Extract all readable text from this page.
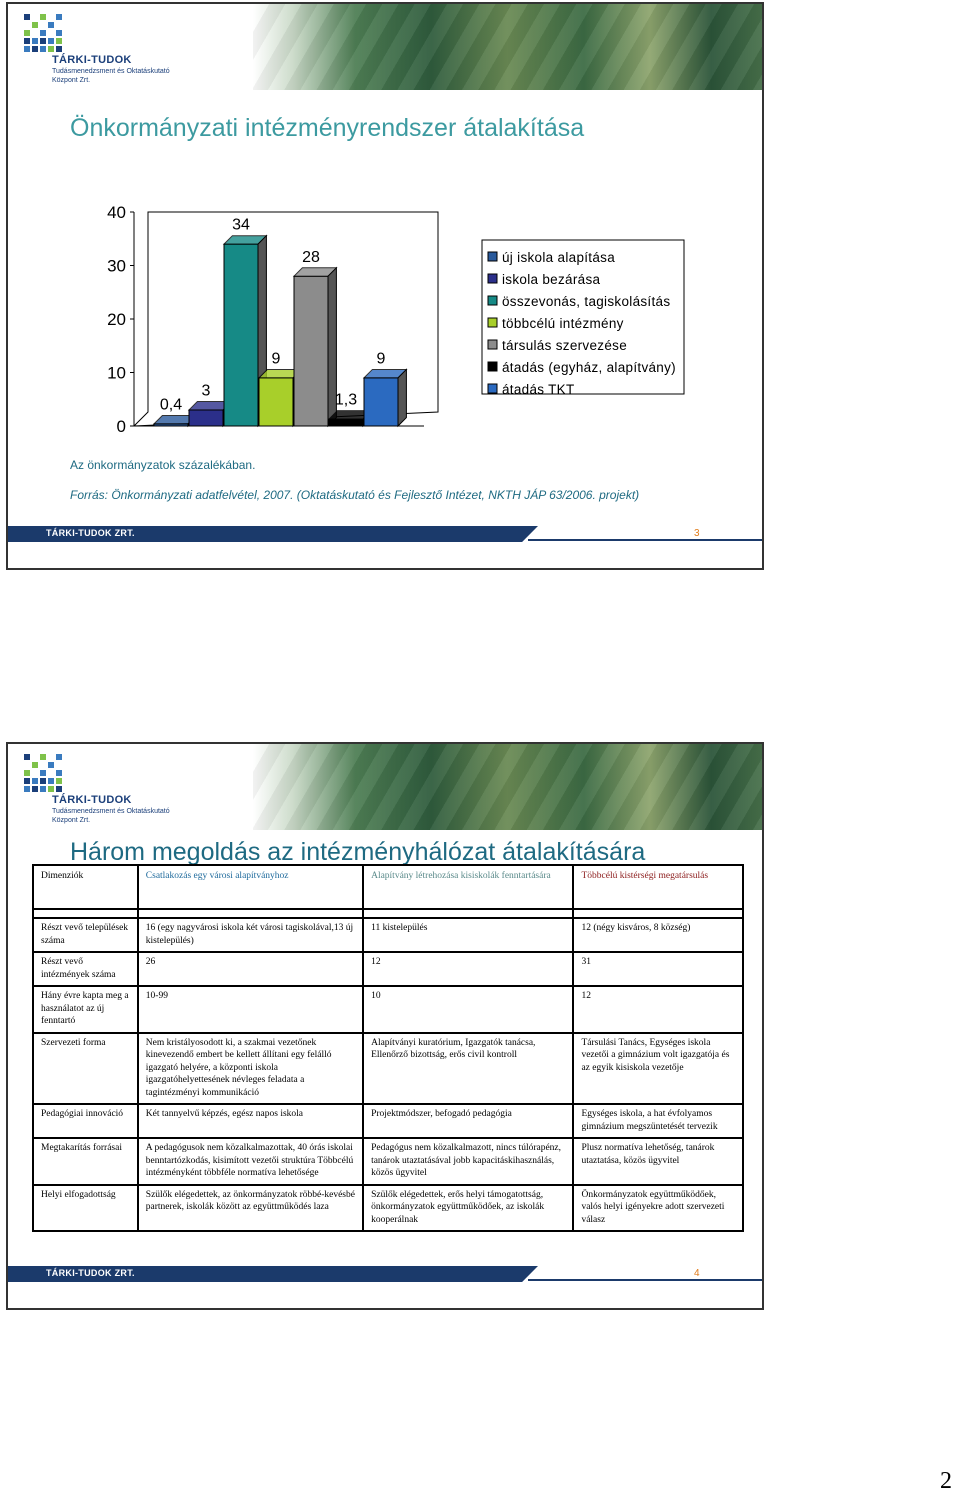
TÁRKI-TUDOK
Tudásmenedzsment és Oktatáskutató Központ Zrt.
Önkormányzati intézményrendszer átalakítása
0
10
20
30
40
0,4
3
34
9
28
1,3
9
új iskola alapítása
iskola bezárása
összevonás, tagiskolásítás
többcélú intézmény
társulás szervezése
átadás (egyház, alapítvány)
átadás TKT
Az önkormányzatok százalékában.
Forrás: Önkormányzati adatfelvétel, 2007. (Oktatáskutató és Fejlesztő Intézet, NKTH JÁP 63/2006. projekt)
TÁRKI-TUDOK ZRT.	3
TÁRKI-TUDOK
Tudásmenedzsment és Oktatáskutató Központ Zrt.
Három megoldás az intézményhálózat átalakítására
Dimenziók	Csatlakozás egy városi alapítványhoz	Alapítvány létrehozása kisiskolák fenntartására	Többcélú kistérségi megatársulás

Részt vevő települések száma	16 (egy nagyvárosi iskola két városi tagiskolával,13 új kistelepülés)	11 kistelepülés	12 (négy kisváros, 8 község)
Részt vevő intézmények száma	26	12	31
Hány évre kapta meg a használatot az új fenntartó	10-99	10	12
Szervezeti forma	Nem kristályosodott ki, a szakmai vezetőnek kinevezendő embert be kellett állítani egy felálló igazgató helyére, a központi iskola igazgatóhelyettesének névleges feladata a tagintézményi kommunikáció	Alapítványi kuratórium, Igazgatók tanácsa, Ellenőrző bizottság, erős civil kontroll	Társulási Tanács, Egységes iskola vezetői a gimnázium volt igazgatója és az egyik kisiskola vezetője
Pedagógiai innováció	Két tannyelvű képzés, egész napos iskola	Projektmódszer, befogadó pedagógia	Egységes iskola, a hat évfolyamos gimnázium megszüntetését tervezik
Megtakarítás forrásai	A pedagógusok nem közalkalmazottak, 40 órás iskolai benntartózkodás, kisimított vezetői struktúra Többcélú intézményként többféle normatíva lehetősége	Pedagógus nem közalkalmazott, nincs túlórapénz, tanárok utaztatásával jobb kapacitáskihasználás, közös ügyvitel	Plusz normatíva lehetőség, tanárok utaztatása, közös ügyvitel
Helyi elfogadottság	Szülők elégedettek, az önkormányzatok röbbé-kevésbé partnerek, iskolák között az együttműködés laza	Szülők elégedettek, erős helyi támogatottság, önkormányzatok együttműködőek, az iskolák kooperálnak	Önkormányzatok együttműködőek, valós helyi igényekre adott szervezeti válasz
TÁRKI-TUDOK ZRT.	4
2
